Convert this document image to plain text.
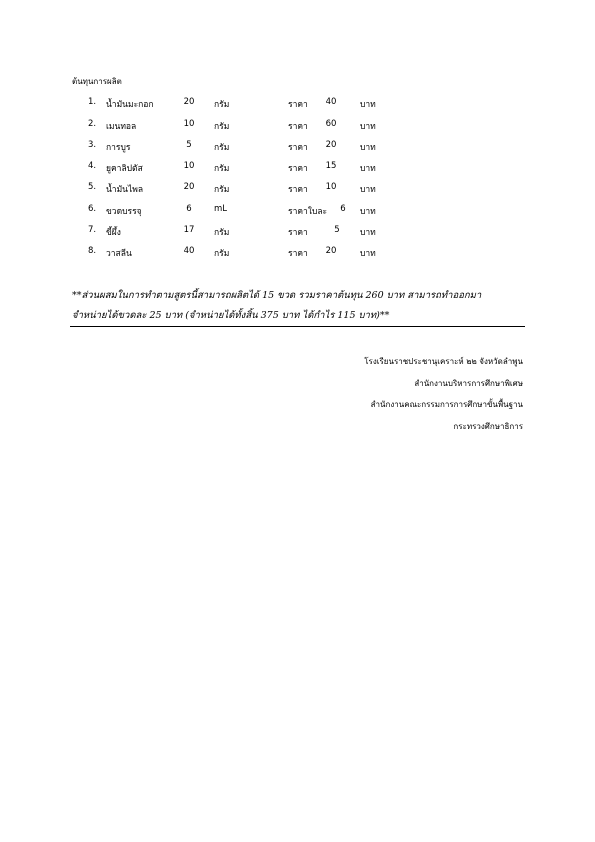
ต้นทุนการผลิต
1. น้ำมันมะกอก	20	กรัม	ราคา	40	บาท
2. เมนทอล	10	กรัม	ราคา	60	บาท
3. การบูร	5	กรัม	ราคา	20	บาท
4. ยูคาลิปตัส	10	กรัม	ราคา	15	บาท
5. น้ำมันไพล	20	กรัม	ราคา	10	บาท
6. ขวดบรรจุ	6	mL	ราคาใบละ	6	บาท
7. ขี้ผึ้ง	17	กรัม	ราคา	5	บาท
8. วาสลีน	40	กรัม	ราคา	20	บาท
**ส่วนผสมในการทำตามสูตรนี้สามารถผลิตได้ 15 ขวด รวมราคาต้นทุน 260 บาท สามารถทำออกมา
จำหน่ายได้ขวดละ 25 บาท (จำหน่ายได้ทั้งสิ้น 375 บาท ได้กำไร 115 บาท)**
โรงเรียนราชประชานุเคราะห์ ๒๒ จังหวัดลำพูน
สำนักงานบริหารการศึกษาพิเศษ
สำนักงานคณะกรรมการการศึกษาขั้นพื้นฐาน
กระทรวงศึกษาธิการ
